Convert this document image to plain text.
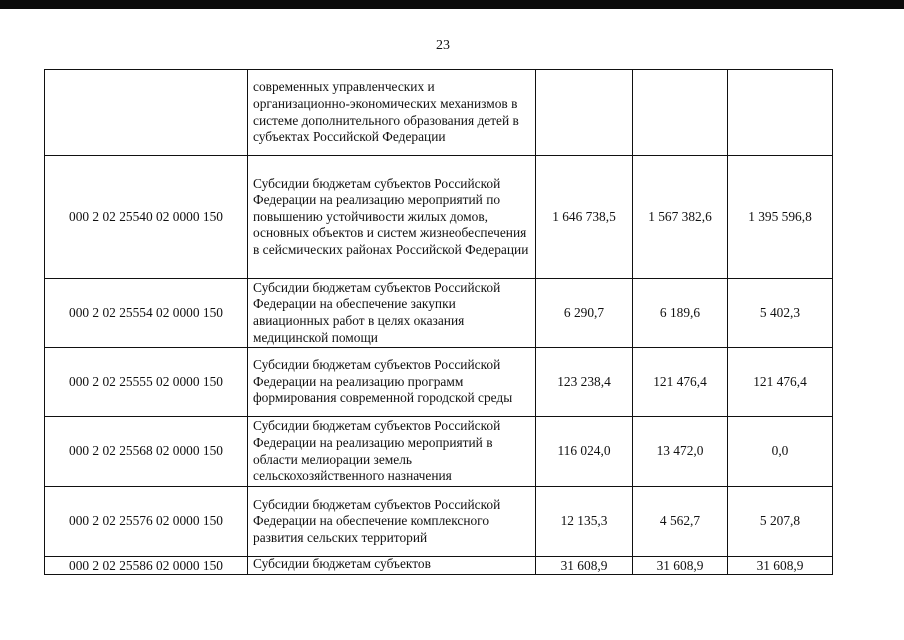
23
	современных управленческих и организационно-экономических механизмов в системе дополнительного образования детей в субъектах Российской Федерации			
000 2 02 25540 02 0000 150	Субсидии бюджетам субъектов Российской Федерации на реализацию мероприятий по повышению устойчивости жилых домов, основных объектов и систем жизнеобеспечения в сейсмических районах Российской Федерации	1 646 738,5	1 567 382,6	1 395 596,8
000 2 02 25554 02 0000 150	Субсидии бюджетам субъектов Российской Федерации на обеспечение закупки авиационных работ в целях оказания медицинской помощи	6 290,7	6 189,6	5 402,3
000 2 02 25555 02 0000 150	Субсидии бюджетам субъектов Российской Федерации на реализацию программ формирования современной городской среды	123 238,4	121 476,4	121 476,4
000 2 02 25568 02 0000 150	Субсидии бюджетам субъектов Российской Федерации на реализацию мероприятий в области мелиорации земель сельскохозяйственного назначения	116 024,0	13 472,0	0,0
000 2 02 25576 02 0000 150	Субсидии бюджетам субъектов Российской Федерации на обеспечение комплексного развития сельских территорий	12 135,3	4 562,7	5 207,8
000 2 02 25586 02 0000 150	Субсидии бюджетам субъектов	31 608,9	31 608,9	31 608,9
